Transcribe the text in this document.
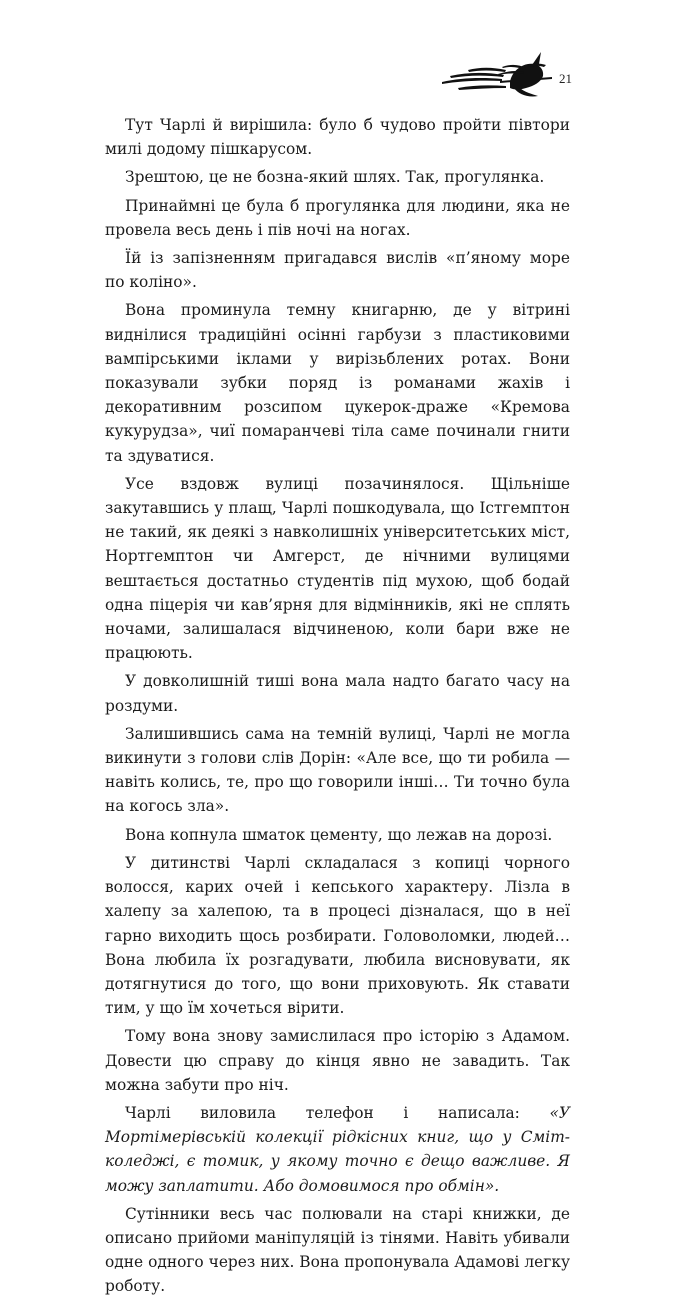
21

Тут Чарлі й вирішила: було б чудово пройти півтори милі додому пішкарусом.

Зрештою, це не бозна-який шлях. Так, прогулянка.

Принаймні це була б прогулянка для людини, яка не провела весь день і пів ночі на ногах.

Їй із запізненням пригадався вислів «п’яному море по коліно».

Вона проминула темну книгарню, де у вітрині виднілися традиційні осінні гарбузи з пластиковими вампірськими іклами у вирізьблених ротах. Вони показували зубки поряд із романами жахів і декоративним розсипом цукерок-драже «Кремова кукурудза», чиї помаранчеві тіла саме починали гнити та здуватися.

Усе вздовж вулиці позачинялося. Щільніше закутавшись у плащ, Чарлі пошкодувала, що Істгемптон не такий, як деякі з навколишніх університетських міст, Нортгемптон чи Амгерст, де нічними вулицями вештається достатньо студентів під мухою, щоб бодай одна піцерія чи кав’ярня для відмінників, які не сплять ночами, залишалася відчиненою, коли бари вже не працюють.

У довколишній тиші вона мала надто багато часу на роздуми.

Залишившись сама на темній вулиці, Чарлі не могла викинути з голови слів Дорін: «Але все, що ти робила — навіть колись, те, про що говорили інші… Ти точно була на когось зла».

Вона копнула шматок цементу, що лежав на дорозі.

У дитинстві Чарлі складалася з копиці чорного волосся, карих очей і кепського характеру. Лізла в халепу за халепою, та в процесі дізналася, що в неї гарно виходить щось розбирати. Головоломки, людей… Вона любила їх розгадувати, любила висновувати, як дотягнутися до того, що вони приховують. Як ставати тим, у що їм хочеться вірити.

Тому вона знову замислилася про історію з Адамом. Довести цю справу до кінця явно не завадить. Так можна забути про ніч.

Чарлі виловила телефон і написала: «У Мортімерівській колекції рідкісних книг, що у Сміт-коледжі, є томик, у якому точно є дещо важливе. Я можу заплатити. Або домовимося про обмін».

Сутінники весь час полювали на старі книжки, де описано прийоми маніпуляцій із тінями. Навіть убивали одне одного через них. Вона пропонувала Адамові легку роботу.
